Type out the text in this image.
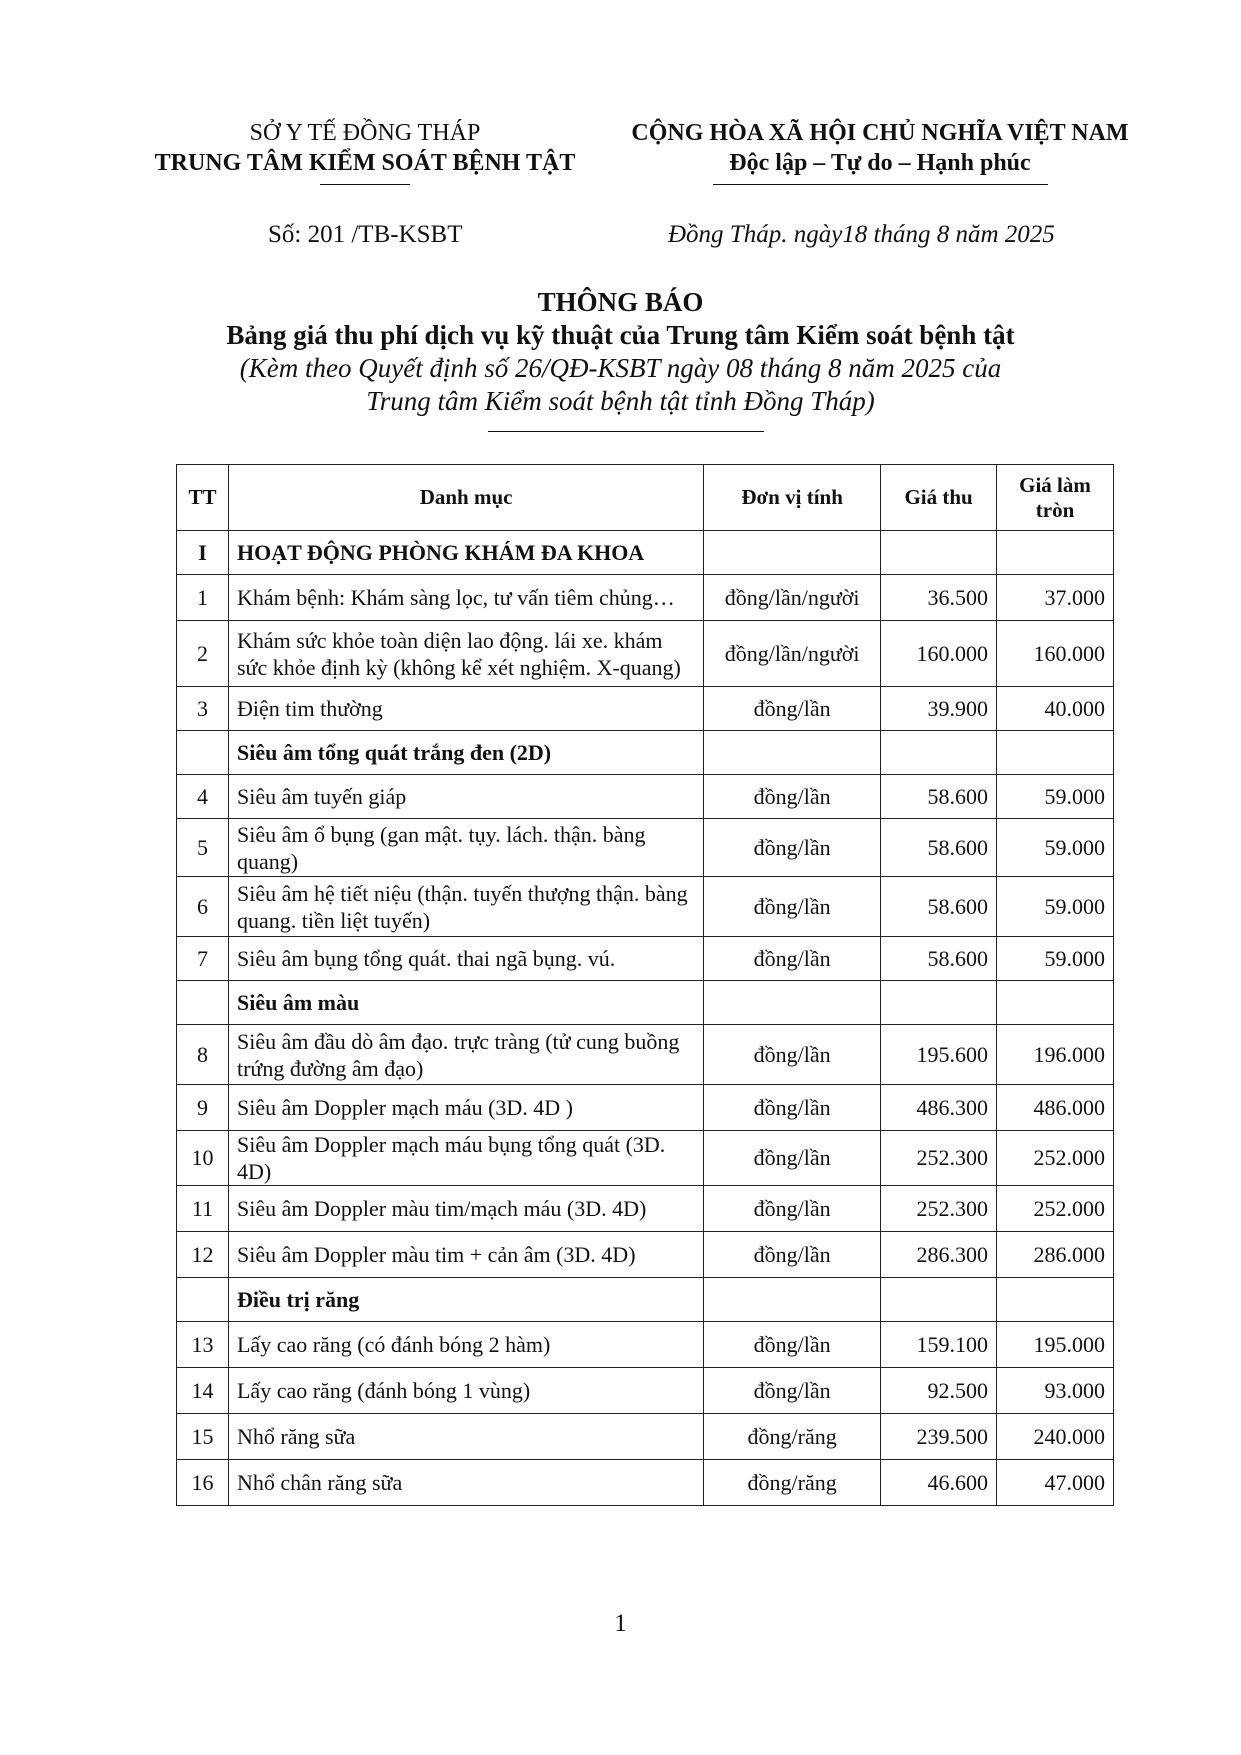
SỞ Y TẾ ĐỒNG THÁP
TRUNG TÂM KIỂM SOÁT BỆNH TẬT
CỘNG HÒA XÃ HỘI CHỦ NGHĨA VIỆT NAM
Độc lập – Tự do – Hạnh phúc
Số: 201 /TB-KSBT	Đồng Tháp. ngày18 tháng 8 năm 2025
THÔNG BÁO
Bảng giá thu phí dịch vụ kỹ thuật của Trung tâm Kiểm soát bệnh tật
(Kèm theo Quyết định số 26/QĐ-KSBT ngày 08 tháng 8 năm 2025 của
Trung tâm Kiểm soát bệnh tật tỉnh Đồng Tháp)
TT	Danh mục	Đơn vị tính	Giá thu	Giá làm tròn
I	HOẠT ĐỘNG PHÒNG KHÁM ĐA KHOA			
1	Khám bệnh: Khám sàng lọc, tư vấn tiêm chủng…	đồng/lần/người	36.500	37.000
2	Khám sức khỏe toàn diện lao động. lái xe. khám sức khỏe định kỳ (không kể xét nghiệm. X-quang)	đồng/lần/người	160.000	160.000
3	Điện tim thường	đồng/lần	39.900	40.000
	Siêu âm tổng quát trắng đen (2D)			
4	Siêu âm tuyến giáp	đồng/lần	58.600	59.000
5	Siêu âm ổ bụng (gan mật. tụy. lách. thận. bàng quang)	đồng/lần	58.600	59.000
6	Siêu âm hệ tiết niệu (thận. tuyến thượng thận. bàng quang. tiền liệt tuyến)	đồng/lần	58.600	59.000
7	Siêu âm bụng tổng quát. thai ngã bụng. vú.	đồng/lần	58.600	59.000
	Siêu âm màu			
8	Siêu âm đầu dò âm đạo. trực tràng (tử cung buồng trứng đường âm đạo)	đồng/lần	195.600	196.000
9	Siêu âm Doppler mạch máu (3D. 4D )	đồng/lần	486.300	486.000
10	Siêu âm Doppler mạch máu bụng tổng quát (3D. 4D)	đồng/lần	252.300	252.000
11	Siêu âm Doppler màu tim/mạch máu (3D. 4D)	đồng/lần	252.300	252.000
12	Siêu âm Doppler màu tim + cản âm (3D. 4D)	đồng/lần	286.300	286.000
	Điều trị răng			
13	Lấy cao răng (có đánh bóng 2 hàm)	đồng/lần	159.100	195.000
14	Lấy cao răng (đánh bóng 1 vùng)	đồng/lần	92.500	93.000
15	Nhổ răng sữa	đồng/răng	239.500	240.000
16	Nhổ chân răng sữa	đồng/răng	46.600	47.000
1
